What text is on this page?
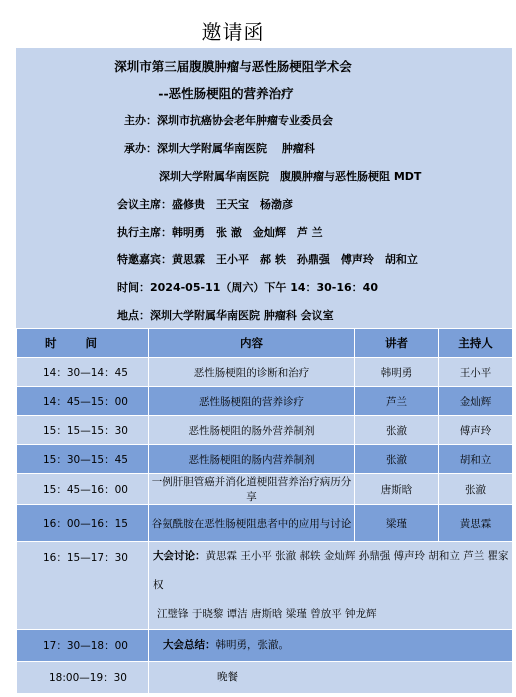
邀请函
深圳市第三届腹膜肿瘤与恶性肠梗阻学术会
--恶性肠梗阻的营养治疗
主办：深圳市抗癌协会老年肿瘤专业委员会
承办：深圳大学附属华南医院　 肿瘤科
深圳大学附属华南医院　腹膜肿瘤与恶性肠梗阻 MDT
会议主席：盛修贵　王天宝　杨渤彦
执行主席：韩明勇　张 澈　金灿辉　芦 兰
特邀嘉宾：黄思霖　王小平　郝 轶　孙鼎强　傅声玲　胡和立
时间：2024-05-11（周六）下午 14：30-16：40
地点：深圳大学附属华南医院 肿瘤科 会议室
时 间	内容	讲者	主持人
14：30—14：45	恶性肠梗阻的诊断和治疗	韩明勇	王小平
14：45—15：00	恶性肠梗阻的营养诊疗	芦兰	金灿辉
15：15—15：30	恶性肠梗阻的肠外营养制剂	张澈	傅声玲
15：30—15：45	恶性肠梗阻的肠内营养制剂	张澈	胡和立
15：45—16：00	一例肝胆管癌并消化道梗阻营养治疗病历分享	唐斯晗	张澈
16：00—16：15	谷氨酰胺在恶性肠梗阻患者中的应用与讨论	梁瑾	黄思霖
16：15—17：30	大会讨论：黄思霖 王小平 张澈 郝轶 金灿辉 孙鼎强 傅声玲 胡和立 芦兰 瞿家权
江璧锋 于晓黎 谭洁 唐斯晗 梁瑾 曾放平 钟龙辉		

17：30—18：00	大会总结：韩明勇，张澈。		
18:00—19：30	晚餐		
